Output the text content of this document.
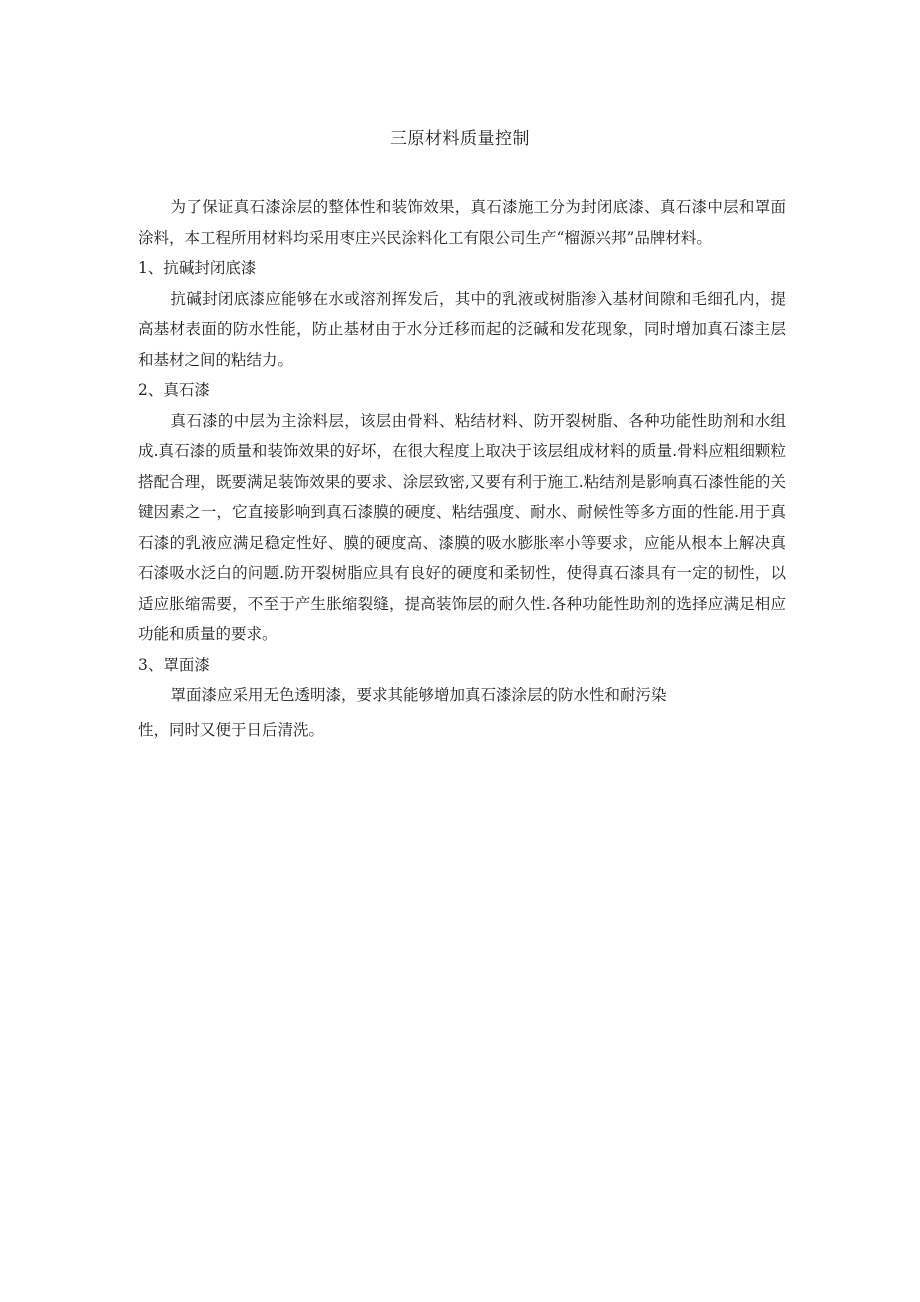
三原材料质量控制

为了保证真石漆涂层的整体性和装饰效果，真石漆施工分为封闭底漆、真石漆中层和罩面涂料，本工程所用材料均采用枣庄兴民涂料化工有限公司生产“榴源兴邦”品牌材料。

1、抗碱封闭底漆

抗碱封闭底漆应能够在水或溶剂挥发后，其中的乳液或树脂渗入基材间隙和毛细孔内，提高基材表面的防水性能，防止基材由于水分迁移而起的泛碱和发花现象，同时增加真石漆主层和基材之间的粘结力。

2、真石漆

真石漆的中层为主涂料层，该层由骨料、粘结材料、防开裂树脂、各种功能性助剂和水组成.真石漆的质量和装饰效果的好坏，在很大程度上取决于该层组成材料的质量.骨料应粗细颗粒搭配合理，既要满足装饰效果的要求、涂层致密,又要有利于施工.粘结剂是影响真石漆性能的关键因素之一，它直接影响到真石漆膜的硬度、粘结强度、耐水、耐候性等多方面的性能.用于真石漆的乳液应满足稳定性好、膜的硬度高、漆膜的吸水膨胀率小等要求，应能从根本上解决真石漆吸水泛白的问题.防开裂树脂应具有良好的硬度和柔韧性，使得真石漆具有一定的韧性，以适应胀缩需要，不至于产生胀缩裂缝，提高装饰层的耐久性.各种功能性助剂的选择应满足相应功能和质量的要求。

3、罩面漆

罩面漆应采用无色透明漆，要求其能够增加真石漆涂层的防水性和耐污染

性，同时又便于日后清洗。
